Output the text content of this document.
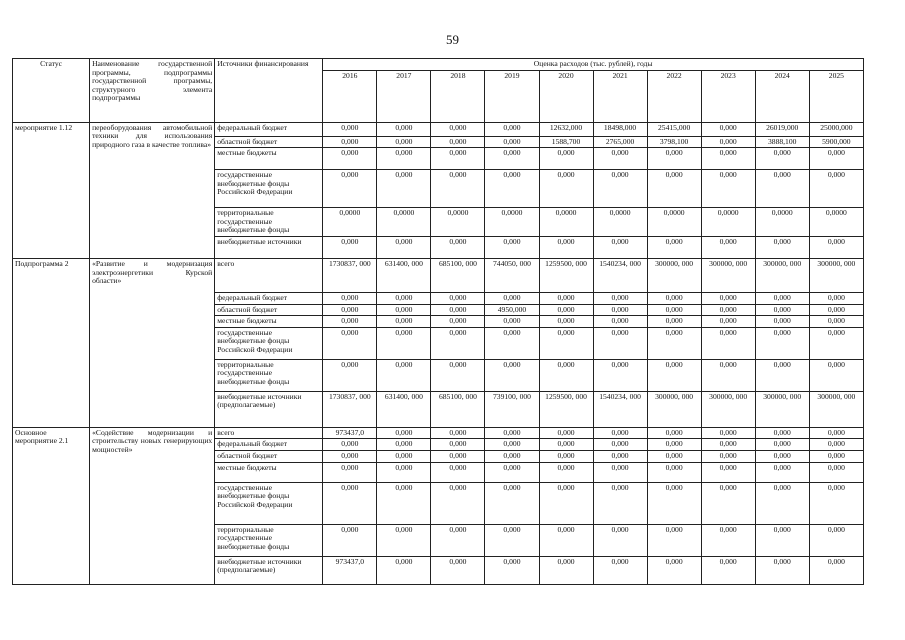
59
Статус	Наименование государственной программы, подпрограммы государственной программы, структурного элемента подпрограммы	Источники финансирования	Оценка расходов (тыс. рублей), годы									
			2016	2017	2018	2019	2020	2021	2022	2023	2024	2025
мероприятие 1.12	переоборудования автомобильной техники для использования природного газа в качестве топлива»	федеральный бюджет	0,000	0,000	0,000	0,000	12632,000	18498,000	25415,000	0,000	26019,000	25000,000
		областной бюджет	0,000	0,000	0,000	0,000	1588,700	2765,000	3798,100	0,000	3888,100	5900,000
		местные бюджеты	0,000	0,000	0,000	0,000	0,000	0,000	0,000	0,000	0,000	0,000
		государственные внебюджетные фонды Российской Федерации	0,000	0,000	0,000	0,000	0,000	0,000	0,000	0,000	0,000	0,000
		территориальные государственные внебюджетные фонды	0,0000	0,0000	0,0000	0,0000	0,0000	0,0000	0,0000	0,0000	0,0000	0,0000
		внебюджетные источники	0,000	0,000	0,000	0,000	0,000	0,000	0,000	0,000	0,000	0,000
Подпрограмма 2	«Развитие и модернизация электроэнергетики Курской области»	всего	1730837, 000	631400, 000	685100, 000	744050, 000	1259500, 000	1540234, 000	300000, 000	300000, 000	300000, 000	300000, 000
		федеральный бюджет	0,000	0,000	0,000	0,000	0,000	0,000	0,000	0,000	0,000	0,000
		областной бюджет	0,000	0,000	0,000	4950,000	0,000	0,000	0,000	0,000	0,000	0,000
		местные бюджеты	0,000	0,000	0,000	0,000	0,000	0,000	0,000	0,000	0,000	0,000
		государственные внебюджетные фонды Российской Федерации	0,000	0,000	0,000	0,000	0,000	0,000	0,000	0,000	0,000	0,000
		территориальные государственные внебюджетные фонды	0,000	0,000	0,000	0,000	0,000	0,000	0,000	0,000	0,000	0,000
		внебюджетные источники (предполагаемые)	1730837, 000	631400, 000	685100, 000	739100, 000	1259500, 000	1540234, 000	300000, 000	300000, 000	300000, 000	300000, 000
Основное мероприятие 2.1	«Содействие модернизации и строительству новых генерирующих мощностей»	всего	973437,0	0,000	0,000	0,000	0,000	0,000	0,000	0,000	0,000	0,000
		федеральный бюджет	0,000	0,000	0,000	0,000	0,000	0,000	0,000	0,000	0,000	0,000
		областной бюджет	0,000	0,000	0,000	0,000	0,000	0,000	0,000	0,000	0,000	0,000
		местные бюджеты	0,000	0,000	0,000	0,000	0,000	0,000	0,000	0,000	0,000	0,000
		государственные внебюджетные фонды Российской Федерации	0,000	0,000	0,000	0,000	0,000	0,000	0,000	0,000	0,000	0,000
		территориальные государственные внебюджетные фонды	0,000	0,000	0,000	0,000	0,000	0,000	0,000	0,000	0,000	0,000
		внебюджетные источники (предполагаемые)	973437,0	0,000	0,000	0,000	0,000	0,000	0,000	0,000	0,000	0,000
